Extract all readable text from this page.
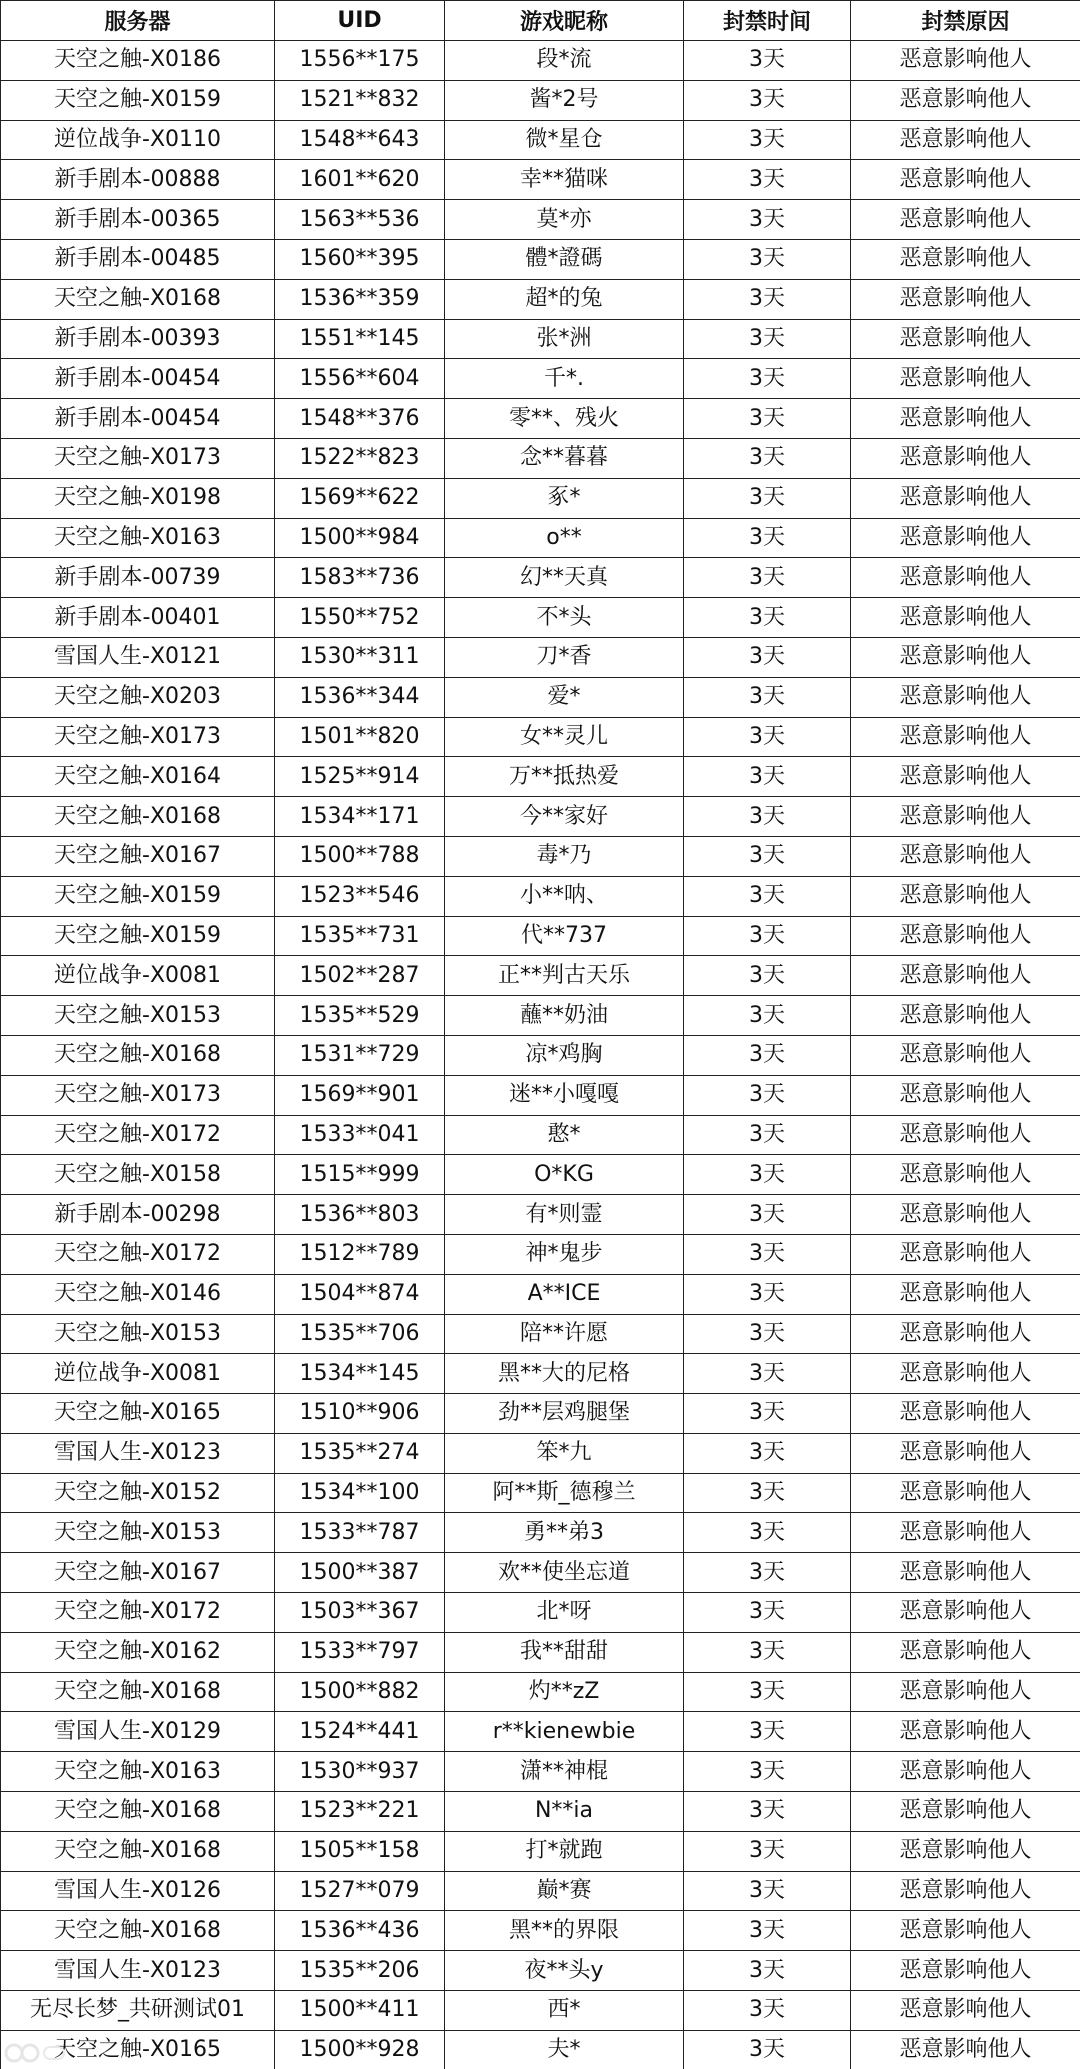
服务器	UID	游戏昵称	封禁时间	封禁原因
天空之触-X0186	1556**175	段*流	3天	恶意影响他人
天空之触-X0159	1521**832	酱*2号	3天	恶意影响他人
逆位战争-X0110	1548**643	微*星仓	3天	恶意影响他人
新手剧本-00888	1601**620	幸**猫咪	3天	恶意影响他人
新手剧本-00365	1563**536	莫*亦	3天	恶意影响他人
新手剧本-00485	1560**395	體*證碼	3天	恶意影响他人
天空之触-X0168	1536**359	超*的兔	3天	恶意影响他人
新手剧本-00393	1551**145	张*洲	3天	恶意影响他人
新手剧本-00454	1556**604	千*.	3天	恶意影响他人
新手剧本-00454	1548**376	零**、残火	3天	恶意影响他人
天空之触-X0173	1522**823	念**暮暮	3天	恶意影响他人
天空之触-X0198	1569**622	豖*	3天	恶意影响他人
天空之触-X0163	1500**984	o**	3天	恶意影响他人
新手剧本-00739	1583**736	幻**天真	3天	恶意影响他人
新手剧本-00401	1550**752	不*头	3天	恶意影响他人
雪国人生-X0121	1530**311	刀*香	3天	恶意影响他人
天空之触-X0203	1536**344	爱*	3天	恶意影响他人
天空之触-X0173	1501**820	女**灵儿	3天	恶意影响他人
天空之触-X0164	1525**914	万**抵热爱	3天	恶意影响他人
天空之触-X0168	1534**171	今**家好	3天	恶意影响他人
天空之触-X0167	1500**788	毒*乃	3天	恶意影响他人
天空之触-X0159	1523**546	小**呐、	3天	恶意影响他人
天空之触-X0159	1535**731	代**737	3天	恶意影响他人
逆位战争-X0081	1502**287	正**判古天乐	3天	恶意影响他人
天空之触-X0153	1535**529	蘸**奶油	3天	恶意影响他人
天空之触-X0168	1531**729	凉*鸡胸	3天	恶意影响他人
天空之触-X0173	1569**901	迷**小嘎嘎	3天	恶意影响他人
天空之触-X0172	1533**041	憨*	3天	恶意影响他人
天空之触-X0158	1515**999	O*KG	3天	恶意影响他人
新手剧本-00298	1536**803	有*则霊	3天	恶意影响他人
天空之触-X0172	1512**789	神*鬼步	3天	恶意影响他人
天空之触-X0146	1504**874	A**ICE	3天	恶意影响他人
天空之触-X0153	1535**706	陪**许愿	3天	恶意影响他人
逆位战争-X0081	1534**145	黑**大的尼格	3天	恶意影响他人
天空之触-X0165	1510**906	劲**层鸡腿堡	3天	恶意影响他人
雪国人生-X0123	1535**274	笨*九	3天	恶意影响他人
天空之触-X0152	1534**100	阿**斯_德穆兰	3天	恶意影响他人
天空之触-X0153	1533**787	勇**弟3	3天	恶意影响他人
天空之触-X0167	1500**387	欢**使坐忘道	3天	恶意影响他人
天空之触-X0172	1503**367	北*呀	3天	恶意影响他人
天空之触-X0162	1533**797	我**甜甜	3天	恶意影响他人
天空之触-X0168	1500**882	灼**zZ	3天	恶意影响他人
雪国人生-X0129	1524**441	r**kienewbie	3天	恶意影响他人
天空之触-X0163	1530**937	潇**神棍	3天	恶意影响他人
天空之触-X0168	1523**221	N**ia	3天	恶意影响他人
天空之触-X0168	1505**158	打*就跑	3天	恶意影响他人
雪国人生-X0126	1527**079	巅*赛	3天	恶意影响他人
天空之触-X0168	1536**436	黑**的界限	3天	恶意影响他人
雪国人生-X0123	1535**206	夜**头y	3天	恶意影响他人
无尽长梦_共研测试01	1500**411	西*	3天	恶意影响他人
天空之触-X0165	1500**928	夫*	3天	恶意影响他人
